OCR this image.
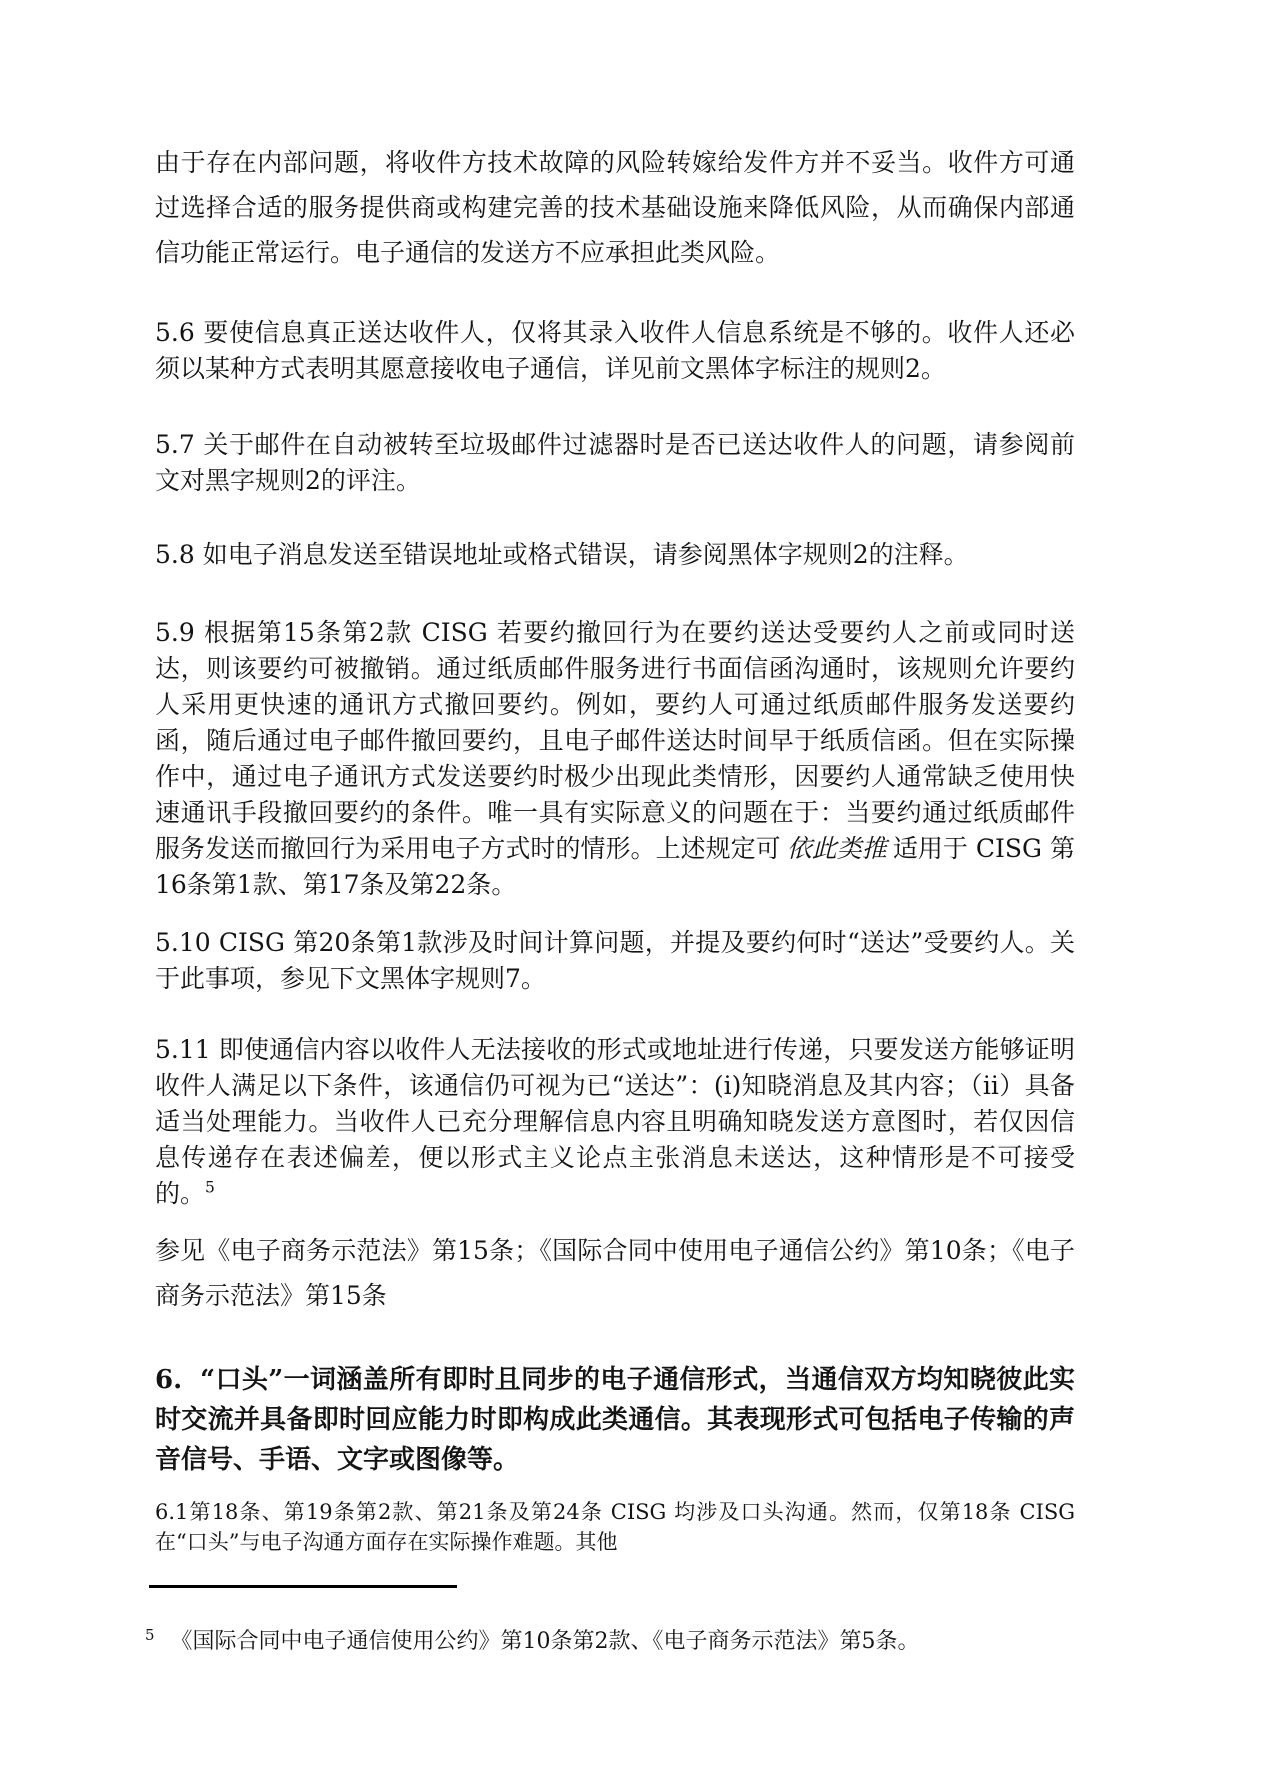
由于存在内部问题，将收件方技术故障的风险转嫁给发件方并不妥当。收件方可通过选择合适的服务提供商或构建完善的技术基础设施来降低风险，从而确保内部通信功能正常运行。电子通信的发送方不应承担此类风险。

5.6 要使信息真正送达收件人，仅将其录入收件人信息系统是不够的。收件人还必须以某种方式表明其愿意接收电子通信，详见前文黑体字标注的规则2。

5.7 关于邮件在自动被转至垃圾邮件过滤器时是否已送达收件人的问题，请参阅前文对黑字规则2的评注。

5.8 如电子消息发送至错误地址或格式错误，请参阅黑体字规则2的注释。

5.9 根据第15条第2款 CISG 若要约撤回行为在要约送达受要约人之前或同时送达，则该要约可被撤销。通过纸质邮件服务进行书面信函沟通时，该规则允许要约人采用更快速的通讯方式撤回要约。例如，要约人可通过纸质邮件服务发送要约函，随后通过电子邮件撤回要约，且电子邮件送达时间早于纸质信函。但在实际操作中，通过电子通讯方式发送要约时极少出现此类情形，因要约人通常缺乏使用快速通讯手段撤回要约的条件。唯一具有实际意义的问题在于：当要约通过纸质邮件服务发送而撤回行为采用电子方式时的情形。上述规定可 依此类推 适用于 CISG 第16条第1款、第17条及第22条。

5.10 CISG 第20条第1款涉及时间计算问题，并提及要约何时“送达”受要约人。关于此事项，参见下文黑体字规则7。

5.11 即使通信内容以收件人无法接收的形式或地址进行传递，只要发送方能够证明收件人满足以下条件，该通信仍可视为已“送达”：(i)知晓消息及其内容；（ii）具备适当处理能力。当收件人已充分理解信息内容且明确知晓发送方意图时，若仅因信息传递存在表述偏差，便以形式主义论点主张消息未送达，这种情形是不可接受的。$^5$

参见《电子商务示范法》第15条；《国际合同中使用电子通信公约》第10条；《电子商务示范法》第15条

6. “口头”一词涵盖所有即时且同步的电子通信形式，当通信双方均知晓彼此实时交流并具备即时回应能力时即构成此类通信。其表现形式可包括电子传输的声音信号、手语、文字或图像等。

6.1第18条、第19条第2款、第21条及第24条 CISG 均涉及口头沟通。然而，仅第18条 CISG 在“口头”与电子沟通方面存在实际操作难题。其他

$^5$ 《国际合同中电子通信使用公约》第10条第2款、《电子商务示范法》第5条。
